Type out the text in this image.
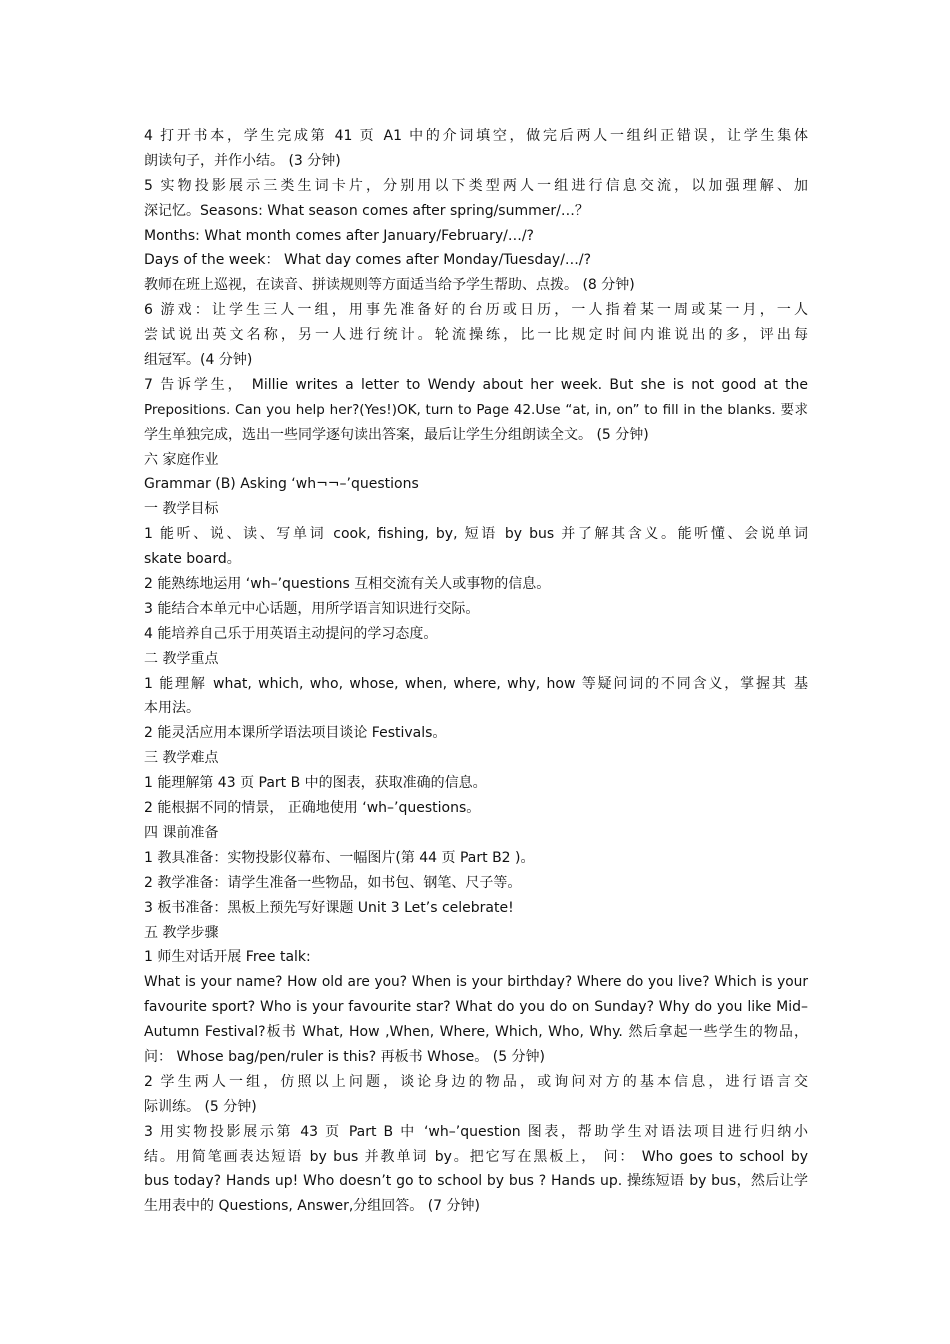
4 打开书本，学生完成第 41 页 A1 中的介词填空，做完后两人一组纠正错误，让学生集体
朗读句子，并作小结。 (3 分钟)
5 实物投影展示三类生词卡片，分别用以下类型两人一组进行信息交流，以加强理解、加
深记忆。Seasons: What season comes after spring/summer/…？
Months: What month comes after January/February/…/?
Days of the week： What day comes after Monday/Tuesday/…/?
教师在班上巡视，在读音、拼读规则等方面适当给予学生帮助、点拨。 (8 分钟)
6 游戏：让学生三人一组，用事先准备好的台历或日历，一人指着某一周或某一月，一人
尝试说出英文名称，另一人进行统计。轮流操练，比一比规定时间内谁说出的多，评出每
组冠军。(4 分钟)
7 告诉学生， Millie writes a letter to Wendy about her week. But she is not good at the
Prepositions. Can you help her?(Yes!)OK, turn to Page 42.Use “at, in, on” to fill in the blanks. 要求
学生单独完成，选出一些同学逐句读出答案，最后让学生分组朗读全文。 (5 分钟)
六 家庭作业
Grammar (B) Asking ‘wh¬¬–’questions
一 教学目标
1 能听、说、读、写单词 cook, fishing, by, 短语 by bus 并了解其含义。能听懂、会说单词
skate board。
2 能熟练地运用 ‘wh–’questions 互相交流有关人或事物的信息。
3 能结合本单元中心话题，用所学语言知识进行交际。
4 能培养自己乐于用英语主动提问的学习态度。
二 教学重点
1 能理解 what, which, who, whose, when, where, why, how 等疑问词的不同含义，掌握其 基
本用法。
2 能灵活应用本课所学语法项目谈论 Festivals。
三 教学难点
1 能理解第 43 页 Part B 中的图表，获取准确的信息。
2 能根据不同的情景， 正确地使用 ‘wh–’questions。
四 课前准备
1 教具准备：实物投影仪幕布、一幅图片(第 44 页 Part B2 )。
2 教学准备：请学生准备一些物品，如书包、钢笔、尺子等。
3 板书准备：黑板上预先写好课题 Unit 3 Let’s celebrate!
五 教学步骤
1 师生对话开展 Free talk:
What is your name? How old are you? When is your birthday? Where do you live? Which is your
favourite sport? Who is your favourite star? What do you do on Sunday? Why do you like Mid–
Autumn Festival?板书 What, How ,When, Where, Which, Who, Why. 然后拿起一些学生的物品，
问： Whose bag/pen/ruler is this? 再板书 Whose。 (5 分钟)
2 学生两人一组，仿照以上问题，谈论身边的物品，或询问对方的基本信息，进行语言交
际训练。 (5 分钟)
3 用实物投影展示第 43 页 Part B 中 ‘wh–’question 图表，帮助学生对语法项目进行归纳小
结。用简笔画表达短语 by bus 并教单词 by。把它写在黑板上， 问： Who goes to school by
bus today? Hands up! Who doesn’t go to school by bus ? Hands up. 操练短语 by bus，然后让学
生用表中的 Questions, Answer,分组回答。 (7 分钟)
